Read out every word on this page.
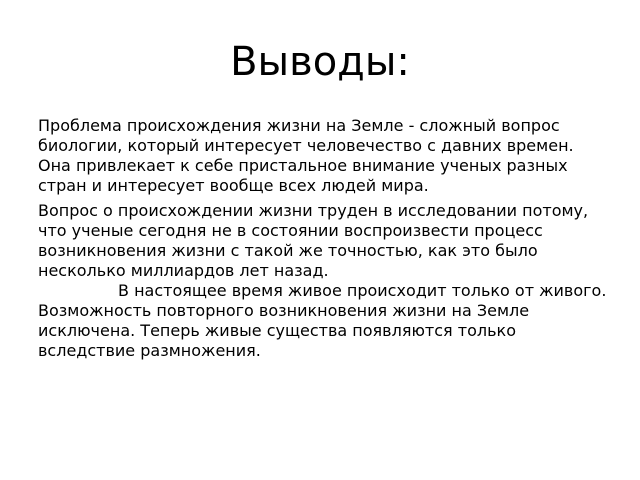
Выводы:

Проблема происхождения жизни на Земле - сложный вопрос биологии, который интересует человечество с давних времен. Она привлекает к себе пристальное внимание ученых разных стран и интересует вообще всех людей мира.

Вопрос о происхождении жизни труден в исследовании потому, что ученые сегодня не в состоянии воспроизвести процесс возникновения жизни с такой же точностью, как это было несколько миллиардов лет назад.

В настоящее время живое происходит только от живого. Возможность повторного возникновения жизни на Земле исключена. Теперь живые существа появляются только вследствие размножения.
